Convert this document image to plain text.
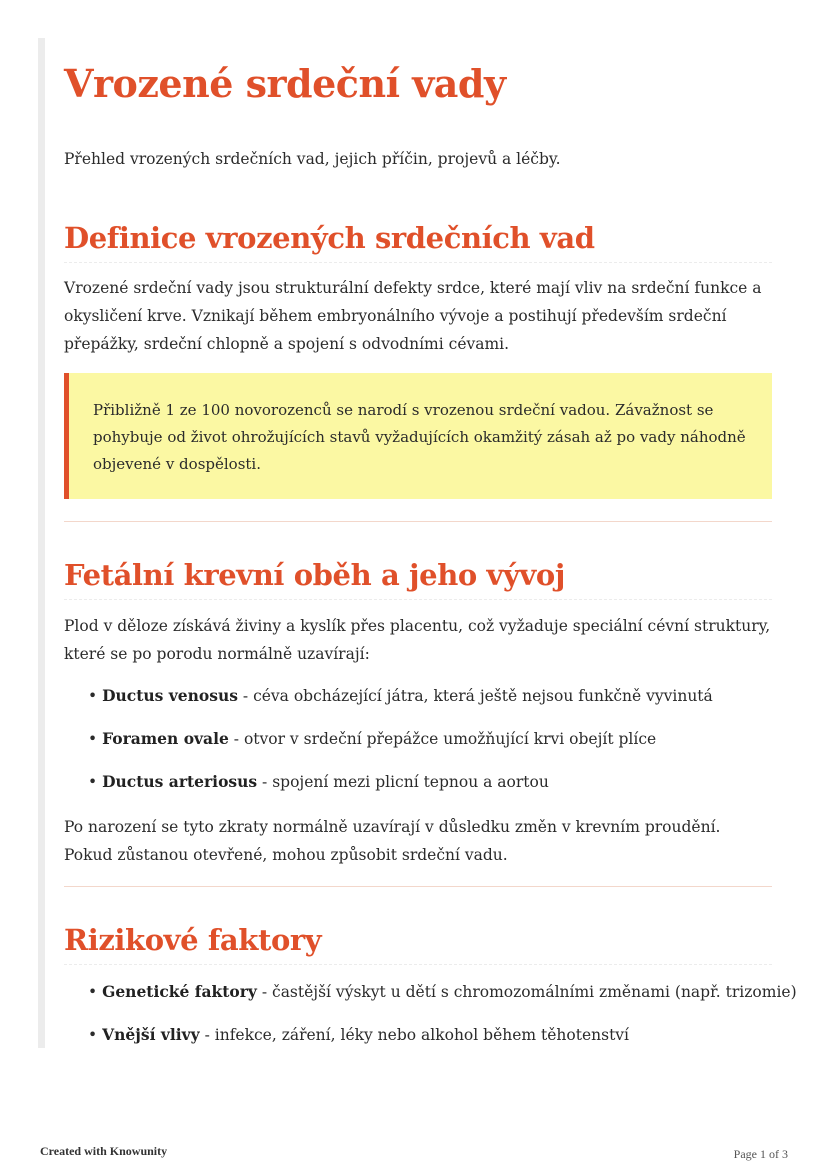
Vrozené srdeční vady
Přehled vrozených srdečních vad, jejich příčin, projevů a léčby.
Definice vrozených srdečních vad

Vrozené srdeční vady jsou strukturální defekty srdce, které mají vliv na srdeční funkce a okysličení krve. Vznikají během embryonálního vývoje a postihují především srdeční přepážky, srdeční chlopně a spojení s odvodními cévami.

Přibližně 1 ze 100 novorozenců se narodí s vrozenou srdeční vadou. Závažnost se pohybuje od život ohrožujících stavů vyžadujících okamžitý zásah až po vady náhodně objevené v dospělosti.
Fetální krevní oběh a jeho vývoj

Plod v děloze získává živiny a kyslík přes placentu, což vyžaduje speciální cévní struktury, které se po porodu normálně uzavírají:

• Ductus venosus - céva obcházející játra, která ještě nejsou funkčně vyvinutá
• Foramen ovale - otvor v srdeční přepážce umožňující krvi obejít plíce
• Ductus arteriosus - spojení mezi plicní tepnou a aortou

Po narození se tyto zkraty normálně uzavírají v důsledku změn v krevním proudění. Pokud zůstanou otevřené, mohou způsobit srdeční vadu.

Rizikové faktory
• Genetické faktory - častější výskyt u dětí s chromozomálními změnami (např. trizomie)
• Vnější vlivy - infekce, záření, léky nebo alkohol během těhotenství
Created with Knowunity	Page 1 of 3
